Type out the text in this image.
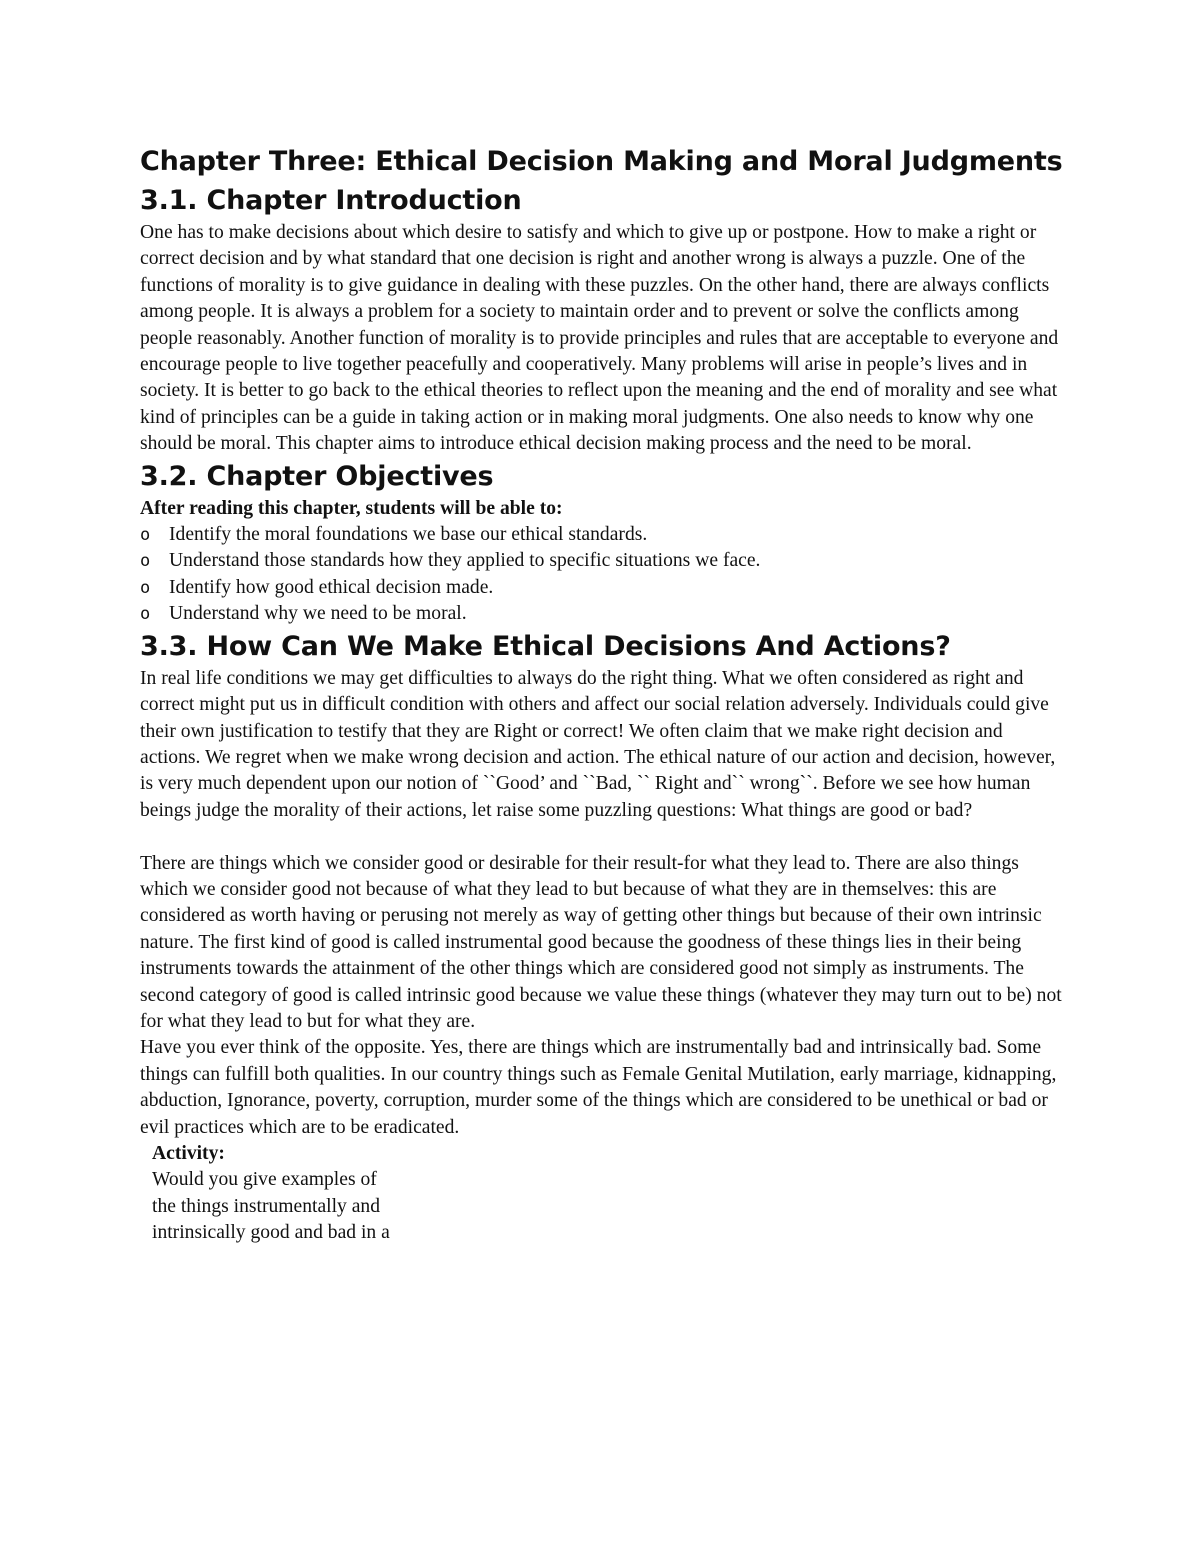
Chapter Three: Ethical Decision Making and Moral Judgments
3.1. Chapter Introduction

One has to make decisions about which desire to satisfy and which to give up or postpone. How to make a right or correct decision and by what standard that one decision is right and another wrong is always a puzzle. One of the functions of morality is to give guidance in dealing with these puzzles. On the other hand, there are always conflicts among people. It is always a problem for a society to maintain order and to prevent or solve the conflicts among people reasonably. Another function of morality is to provide principles and rules that are acceptable to everyone and encourage people to live together peacefully and cooperatively. Many problems will arise in people’s lives and in society. It is better to go back to the ethical theories to reflect upon the meaning and the end of morality and see what kind of principles can be a guide in taking action or in making moral judgments. One also needs to know why one should be moral. This chapter aims to introduce ethical decision making process and the need to be moral.

3.2. Chapter Objectives

After reading this chapter, students will be able to:

o Identify the moral foundations we base our ethical standards.
o Understand those standards how they applied to specific situations we face.
o Identify how good ethical decision made.
o Understand why we need to be moral.
3.3. How Can We Make Ethical Decisions And Actions?

In real life conditions we may get difficulties to always do the right thing. What we often considered as right and correct might put us in difficult condition with others and affect our social relation adversely. Individuals could give their own justification to testify that they are Right or correct! We often claim that we make right decision and actions. We regret when we make wrong decision and action. The ethical nature of our action and decision, however, is very much dependent upon our notion of ``Good’ and ``Bad, `` Right and`` wrong``. Before we see how human beings judge the morality of their actions, let raise some puzzling questions: What things are good or bad?

There are things which we consider good or desirable for their result-for what they lead to. There are also things which we consider good not because of what they lead to but because of what they are in themselves: this are considered as worth having or perusing not merely as way of getting other things but because of their own intrinsic nature. The first kind of good is called instrumental good because the goodness of these things lies in their being instruments towards the attainment of the other things which are considered good not simply as instruments. The second category of good is called intrinsic good because we value these things (whatever they may turn out to be) not for what they lead to but for what they are.

Have you ever think of the opposite. Yes, there are things which are instrumentally bad and intrinsically bad. Some things can fulfill both qualities. In our country things such as Female Genital Mutilation, early marriage, kidnapping, abduction, Ignorance, poverty, corruption, murder some of the things which are considered to be unethical or bad or evil practices which are to be eradicated.

Activity:

Would you give examples of
the things instrumentally and
intrinsically good and bad in a
